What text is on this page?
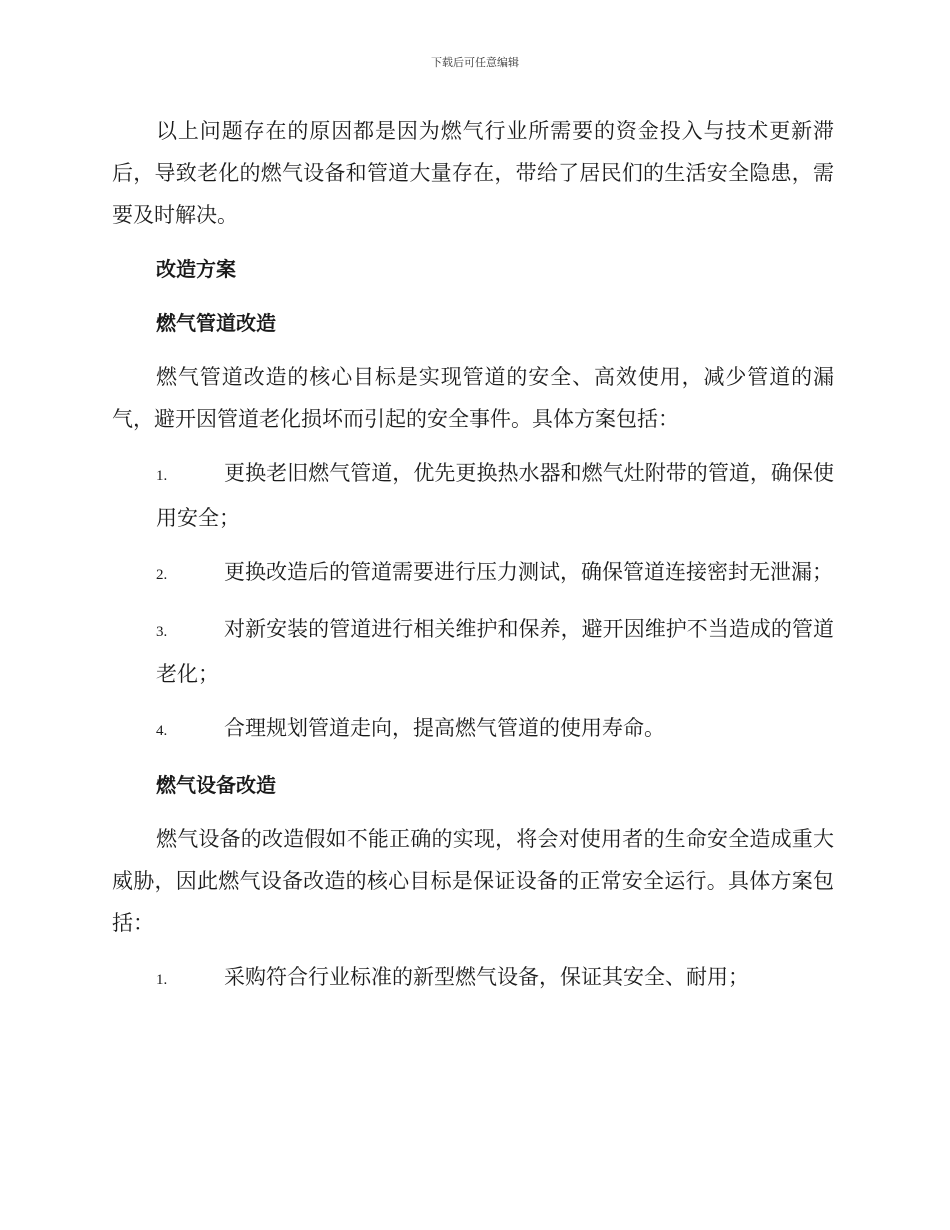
下载后可任意编辑

以上问题存在的原因都是因为燃气行业所需要的资金投入与技术更新滞后，导致老化的燃气设备和管道大量存在，带给了居民们的生活安全隐患，需要及时解决。

改造方案
燃气管道改造

燃气管道改造的核心目标是实现管道的安全、高效使用，减少管道的漏气，避开因管道老化损坏而引起的安全事件。具体方案包括：

1.	更换老旧燃气管道，优先更换热水器和燃气灶附带的管道，确保使用安全；
2.	更换改造后的管道需要进行压力测试，确保管道连接密封无泄漏；
3.	对新安装的管道进行相关维护和保养，避开因维护不当造成的管道老化；
4.	合理规划管道走向，提高燃气管道的使用寿命。
燃气设备改造

燃气设备的改造假如不能正确的实现，将会对使用者的生命安全造成重大威胁，因此燃气设备改造的核心目标是保证设备的正常安全运行。具体方案包括：

1.	采购符合行业标准的新型燃气设备，保证其安全、耐用；
